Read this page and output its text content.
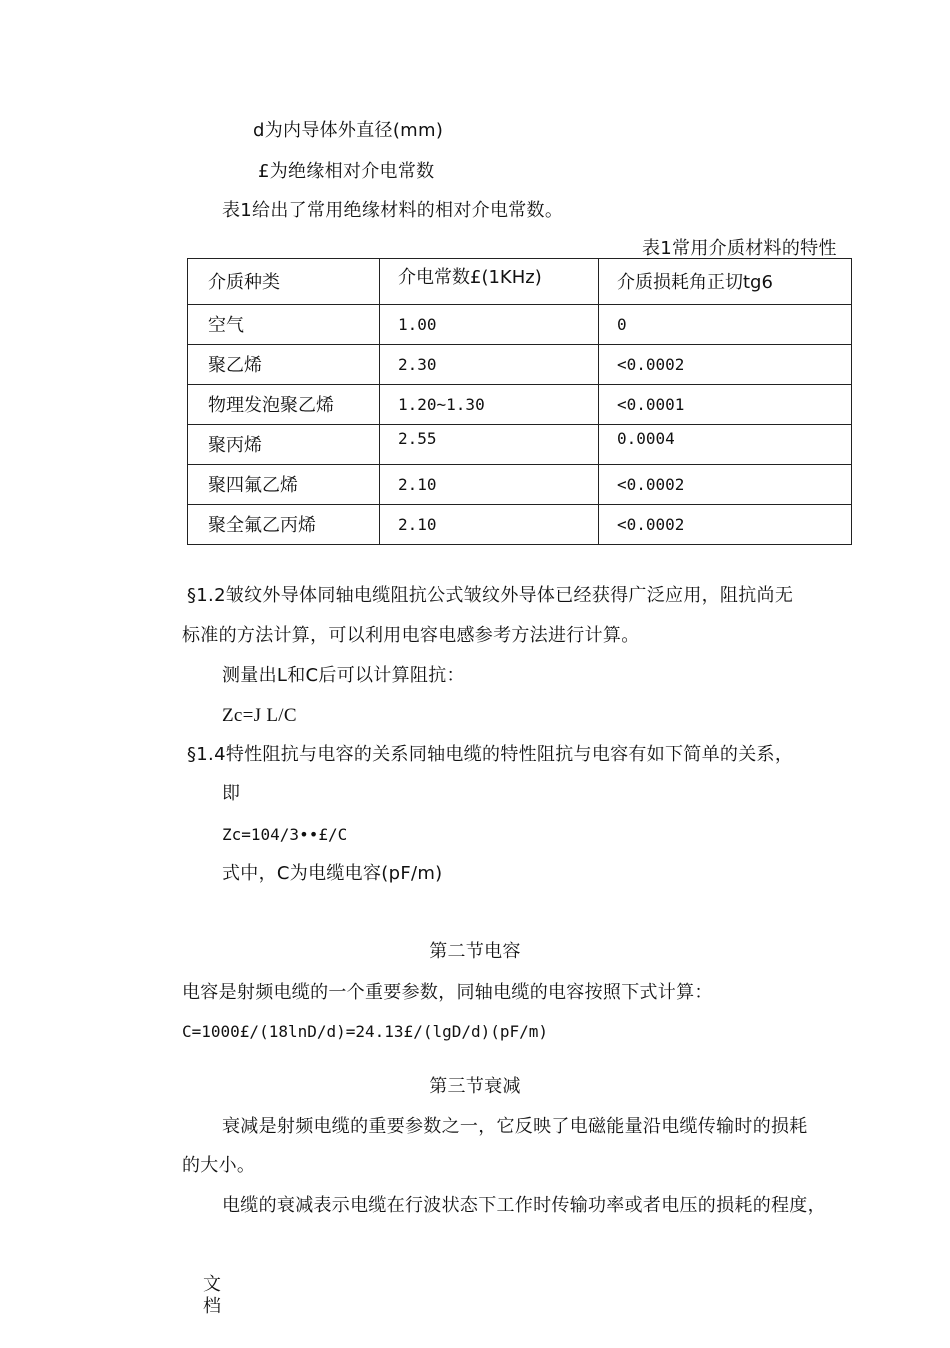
d为内导体外直径(mm)
£为绝缘相对介电常数
表1给出了常用绝缘材料的相对介电常数。
表1常用介质材料的特性
介质种类	介电常数£(1KHz)	介质损耗角正切tg6
空气	1.00	0
聚乙烯	2.30	<0.0002
物理发泡聚乙烯	1.20~1.30	<0.0001
聚丙烯	2.55	0.0004
聚四氟乙烯	2.10	<0.0002
聚全氟乙丙烯	2.10	<0.0002
§1.2皱纹外导体同轴电缆阻抗公式皱纹外导体已经获得广泛应用，阻抗尚无
标准的方法计算，可以利用电容电感参考方法进行计算。
测量出L和C后可以计算阻抗：
Zc=J L/C
§1.4特性阻抗与电容的关系同轴电缆的特性阻抗与电容有如下简单的关系，
即
Zc=104/3••£/C
式中，C为电缆电容(pF/m)
第二节电容
电容是射频电缆的一个重要参数，同轴电缆的电容按照下式计算：
C=1000£/(18lnD/d)=24.13£/(lgD/d)(pF/m)
第三节衰减
衰减是射频电缆的重要参数之一，它反映了电磁能量沿电缆传输时的损耗
的大小。
电缆的衰减表示电缆在行波状态下工作时传输功率或者电压的损耗的程度，
文档
